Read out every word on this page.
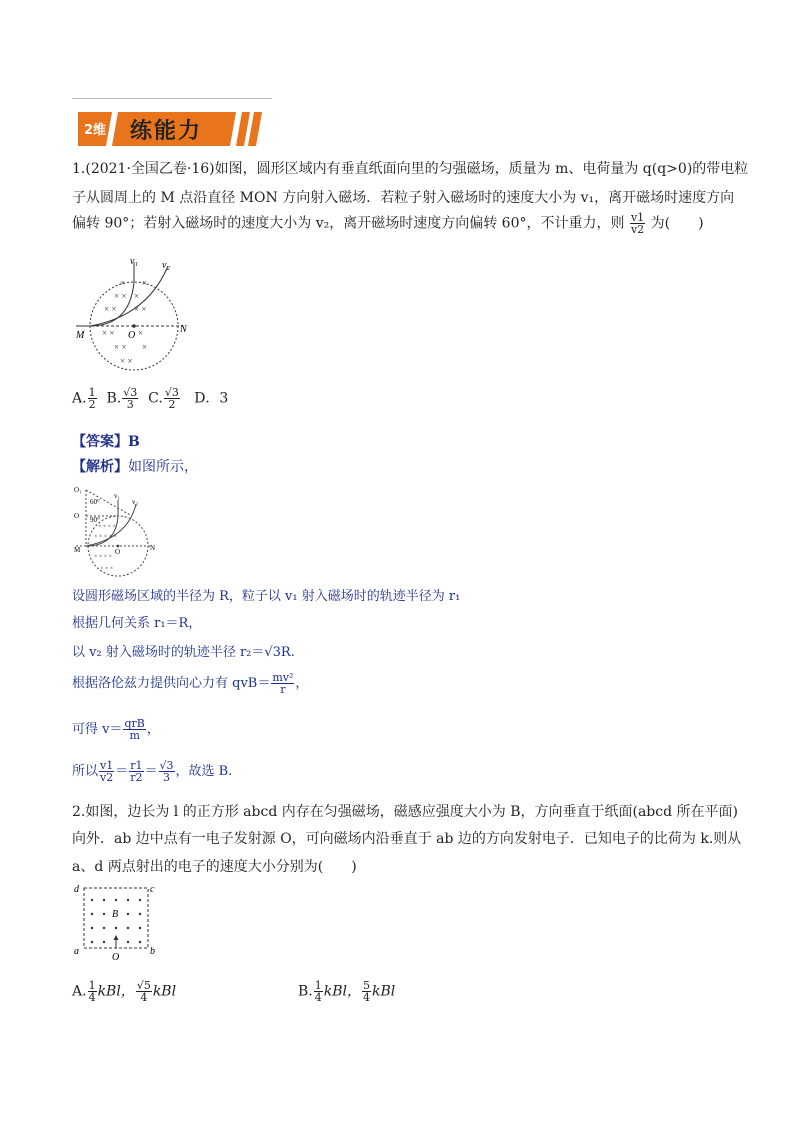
2维 练能力
1.(2021·全国乙卷·16)如图，圆形区域内有垂直纸面向里的匀强磁场，质量为 m、电荷量为 q(q>0)的带电粒
子从圆周上的 M 点沿直径 MON 方向射入磁场．若粒子射入磁场时的速度大小为 v₁，离开磁场时速度方向
偏转 90°；若射入磁场时的速度大小为 v₂，离开磁场时速度方向偏转 60°，不计重力，则 $\frac{v1}{v2}$ 为(　　)
× × ×
× × × ×
× ×	×
× × ×
× ×
× ×
O
M
N
v₁ v₂
A. $\frac{1}{2} B$. $\frac{√3}{3} C$. $\frac{√3}{2}$ D．3
【答案】B
【解析】如图所示，
× × × ×
× × × × ×
× × × ×
× × ×
O₁
O
60°
90°
v₁
v₂
M	N
O
设圆形磁场区域的半径为 R，粒子以 v₁ 射入磁场时的轨迹半径为 r₁
根据几何关系 r₁＝R，
以 v₂ 射入磁场时的轨迹半径 r₂＝√3R.
根据洛伦兹力提供向心力有 $qvB= \frac{\text{mv²}}{r}$ ，
可得 $v= \frac{\text{qrB}}{m}$ ，
所以 $\frac{v1}{v2} = \frac{r1}{r2} = \frac{√3}{3}$ ，故选 B.
2.如图，边长为 l 的正方形 abcd 内存在匀强磁场，磁感应强度大小为 B，方向垂直于纸面(abcd 所在平面)
向外．ab 边中点有一电子发射源 O，可向磁场内沿垂直于 ab 边的方向发射电子．已知电子的比荷为 k.则从
a、d 两点射出的电子的速度大小分别为(　　)
d	c
a	b
B
O
A. $\frac{1}{4}$ kBl， $\frac{√5}{4}$ kBl	B. $\frac{1}{4}$ kBl， $\frac{5}{4}$ kBl
